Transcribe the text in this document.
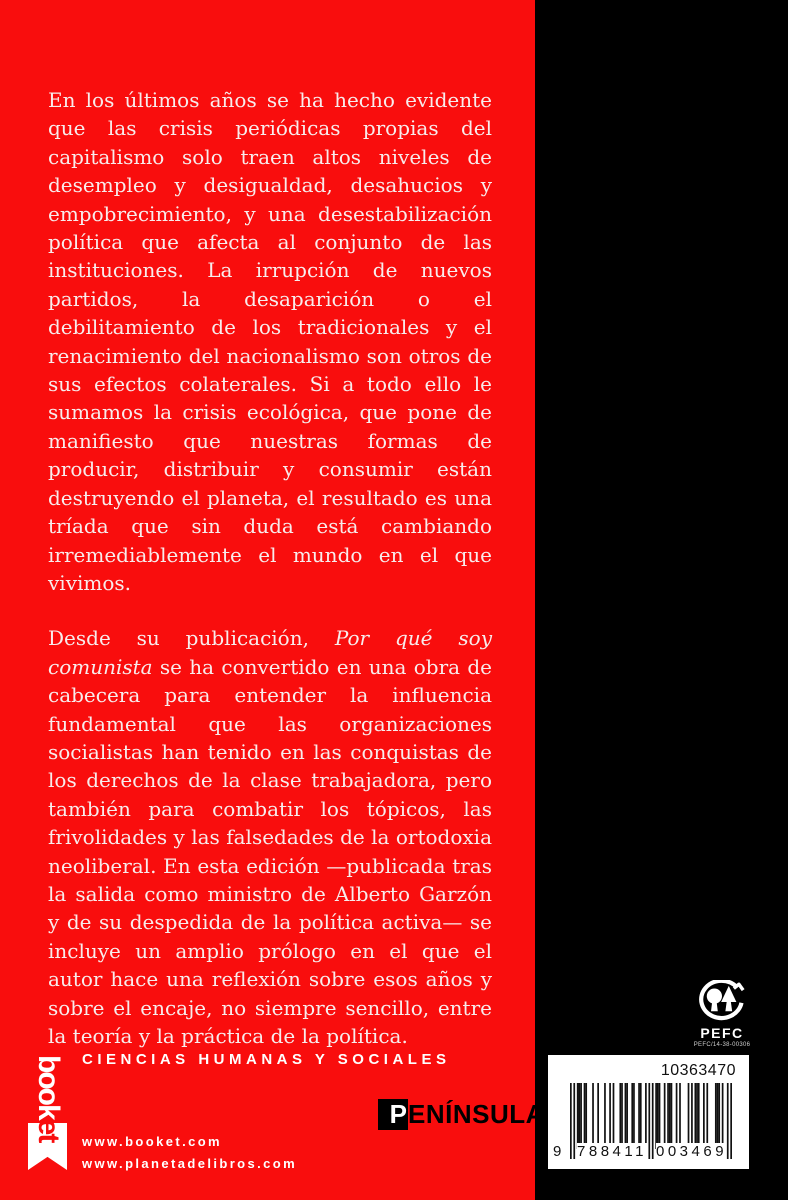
En los últimos años se ha hecho evidente que las crisis periódicas propias del capitalismo solo traen altos niveles de desempleo y desigualdad, desahucios y empobrecimiento, y una desestabilización política que afecta al conjunto de las instituciones. La irrupción de nuevos partidos, la desaparición o el debilitamiento de los tradicionales y el renacimiento del nacionalismo son otros de sus efectos colaterales. Si a todo ello le sumamos la crisis ecológica, que pone de manifiesto que nuestras formas de producir, distribuir y consumir están destruyendo el planeta, el resultado es una tríada que sin duda está cambiando irremediablemente el mundo en el que vivimos.

Desde su publicación, Por qué soy comunista se ha convertido en una obra de cabecera para entender la influencia fundamental que las organizaciones socialistas han tenido en las conquistas de los derechos de la clase trabajadora, pero también para combatir los tópicos, las frivolidades y las falsedades de la ortodoxia neoliberal. En esta edición —publicada tras la salida como ministro de Alberto Garzón y de su despedida de la política activa— se incluye un amplio prólogo en el que el autor hace una reflexión sobre esos años y sobre el encaje, no siempre sencillo, entre la teoría y la práctica de la política.

CIENCIAS HUMANAS Y SOCIALES
booket
www.booket.com
www.planetadelibros.com
P ENÍNSULA
PEFC
PEFC/14-38-00306
10363470
9 788411 003469
